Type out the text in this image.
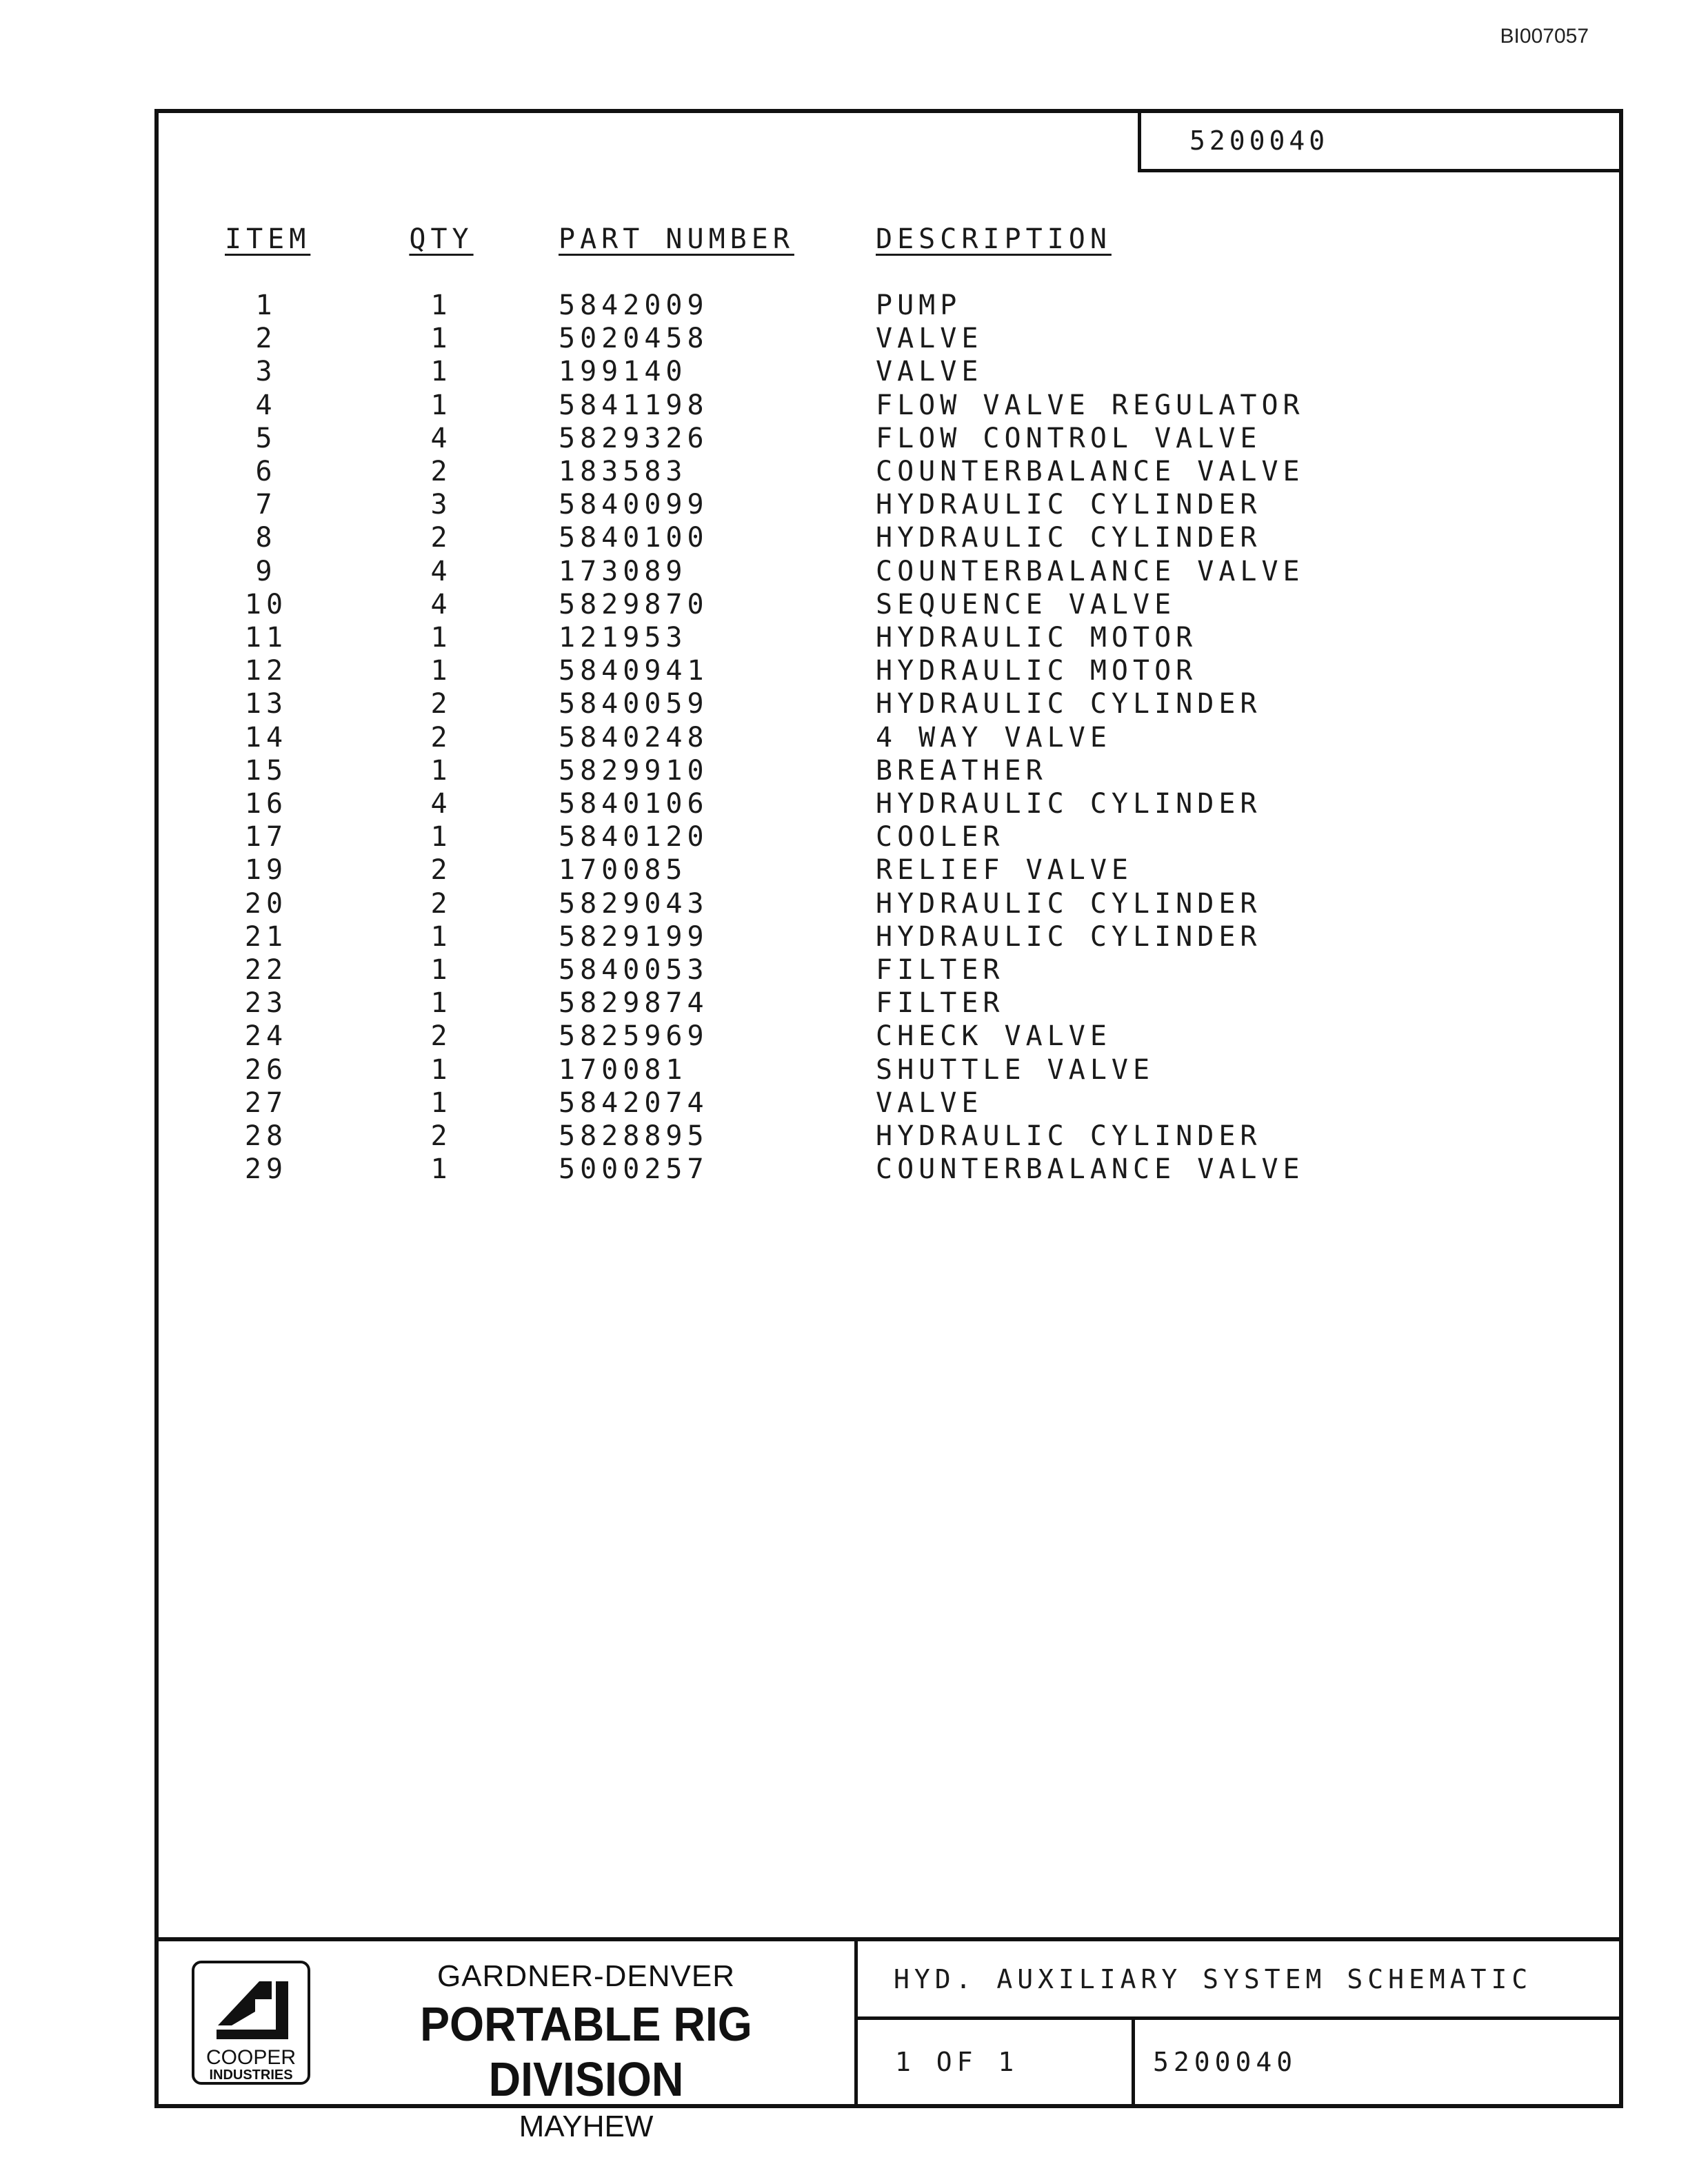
BI007057
5200040
ITEM	QTY	PART NUMBER	DESCRIPTION
1	1	5842009	PUMP
2	1	5020458	VALVE
3	1	199140	VALVE
4	1	5841198	FLOW VALVE REGULATOR
5	4	5829326	FLOW CONTROL VALVE
6	2	183583	COUNTERBALANCE VALVE
7	3	5840099	HYDRAULIC CYLINDER
8	2	5840100	HYDRAULIC CYLINDER
9	4	173089	COUNTERBALANCE VALVE
10	4	5829870	SEQUENCE VALVE
11	1	121953	HYDRAULIC MOTOR
12	1	5840941	HYDRAULIC MOTOR
13	2	5840059	HYDRAULIC CYLINDER
14	2	5840248	4 WAY VALVE
15	1	5829910	BREATHER
16	4	5840106	HYDRAULIC CYLINDER
17	1	5840120	COOLER
19	2	170085	RELIEF VALVE
20	2	5829043	HYDRAULIC CYLINDER
21	1	5829199	HYDRAULIC CYLINDER
22	1	5840053	FILTER
23	1	5829874	FILTER
24	2	5825969	CHECK VALVE
26	1	170081	SHUTTLE VALVE
27	1	5842074	VALVE
28	2	5828895	HYDRAULIC CYLINDER
29	1	5000257	COUNTERBALANCE VALVE
COOPER
INDUSTRIES
GARDNER-DENVER
PORTABLE RIG DIVISION
MAYHEW
HYD. AUXILIARY SYSTEM SCHEMATIC
1 OF 1	5200040
